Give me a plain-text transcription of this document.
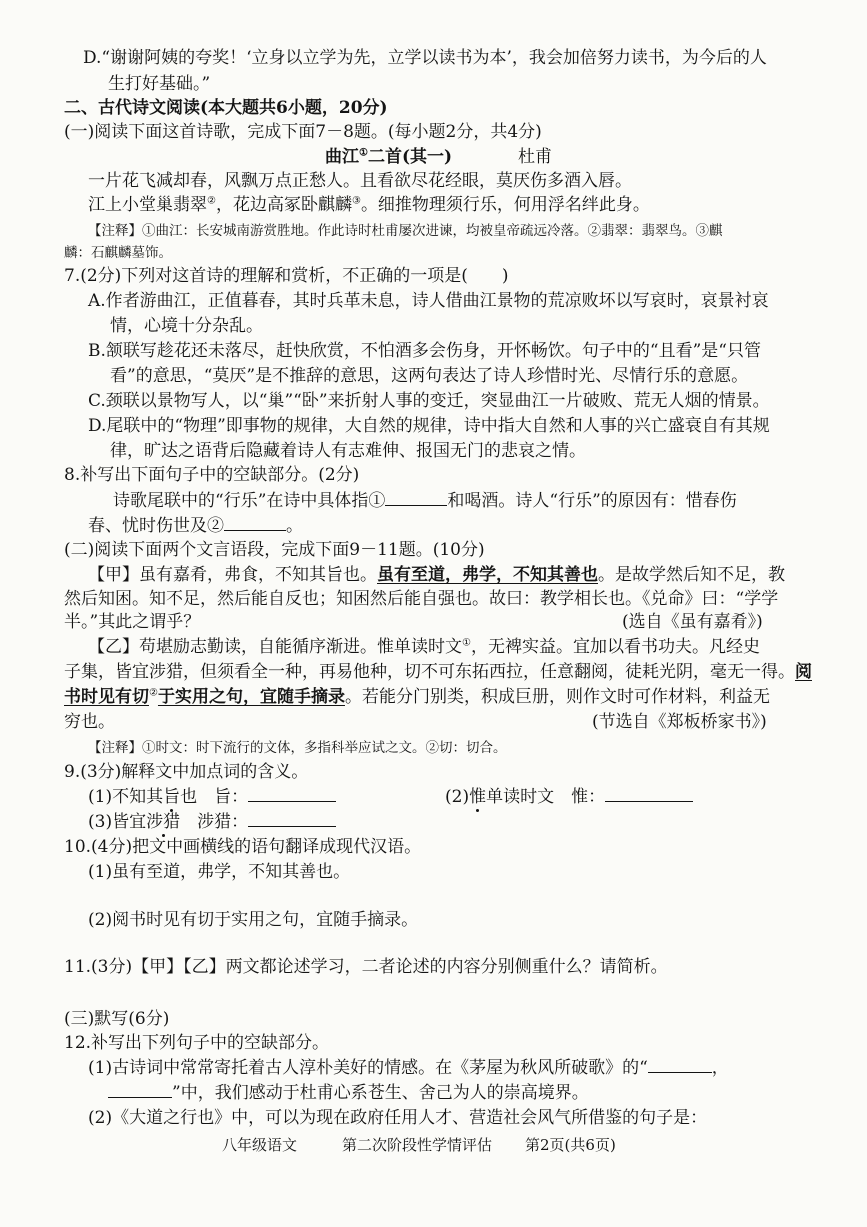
D.“谢谢阿姨的夸奖！‘立身以立学为先，立学以读书为本’，我会加倍努力读书，为今后的人
生打好基础。”
二、古代诗文阅读(本大题共6小题，20分)
(一)阅读下面这首诗歌，完成下面7－8题。(每小题2分，共4分)
曲江①二首(其一)	杜甫
一片花飞减却春，风飘万点正愁人。且看欲尽花经眼，莫厌伤多酒入唇。
江上小堂巢翡翠②，花边高冢卧麒麟③。细推物理须行乐，何用浮名绊此身。
【注释】①曲江：长安城南游赏胜地。作此诗时杜甫屡次进谏，均被皇帝疏远冷落。②翡翠：翡翠鸟。③麒
麟：石麒麟墓饰。
7.(2分)下列对这首诗的理解和赏析，不正确的一项是(　　)
A.作者游曲江，正值暮春，其时兵革未息，诗人借曲江景物的荒凉败坏以写哀时，哀景衬哀
情，心境十分杂乱。
B.颔联写趁花还未落尽，赶快欣赏，不怕酒多会伤身，开怀畅饮。句子中的“且看”是“只管
看”的意思，“莫厌”是不推辞的意思，这两句表达了诗人珍惜时光、尽情行乐的意愿。
C.颈联以景物写人，以“巢”“卧”来折射人事的变迁，突显曲江一片破败、荒无人烟的情景。
D.尾联中的“物理”即事物的规律，大自然的规律，诗中指大自然和人事的兴亡盛衰自有其规
律，旷达之语背后隐藏着诗人有志难伸、报国无门的悲哀之情。
8.补写出下面句子中的空缺部分。(2分)
诗歌尾联中的“行乐”在诗中具体指①	和喝酒。诗人“行乐”的原因有：惜春伤
春、忧时伤世及②	。
(二)阅读下面两个文言语段，完成下面9－11题。(10分)
【甲】虽有嘉肴，弗食，不知其旨也。虽有至道，弗学，不知其善也。是故学然后知不足，教
然后知困。知不足，然后能自反也；知困然后能自强也。故曰：教学相长也。《兑命》曰：“学学
半。”其此之谓乎？	(选自《虽有嘉肴》)
【乙】苟堪励志勤读，自能循序渐进。惟单读时文①，无裨实益。宜加以看书功夫。凡经史
子集，皆宜涉猎，但须看全一种，再易他种，切不可东拓西拉，任意翻阅，徒耗光阴，毫无一得。阅
书时见有切②于实用之句，宜随手摘录。若能分门别类，积成巨册，则作文时可作材料，利益无
穷也。	(节选自《郑板桥家书》)
【注释】①时文：时下流行的文体，多指科举应试之文。②切：切合。
9.(3分)解释文中加点词的含义。
(1)不知其旨也　旨：	(2)惟单读时文　惟：
(3)皆宜涉猎　涉猎：
10.(4分)把文中画横线的语句翻译成现代汉语。
(1)虽有至道，弗学，不知其善也。
(2)阅书时见有切于实用之句，宜随手摘录。
11.(3分)【甲】【乙】两文都论述学习，二者论述的内容分别侧重什么？请简析。
(三)默写(6分)
12.补写出下列句子中的空缺部分。
(1)古诗词中常常寄托着古人淳朴美好的情感。在《茅屋为秋风所破歌》的“	，
”中，我们感动于杜甫心系苍生、舍己为人的崇高境界。
(2)《大道之行也》中，可以为现在政府任用人才、营造社会风气所借鉴的句子是：
八年级语文	第二次阶段性学情评估 第2页(共6页)
